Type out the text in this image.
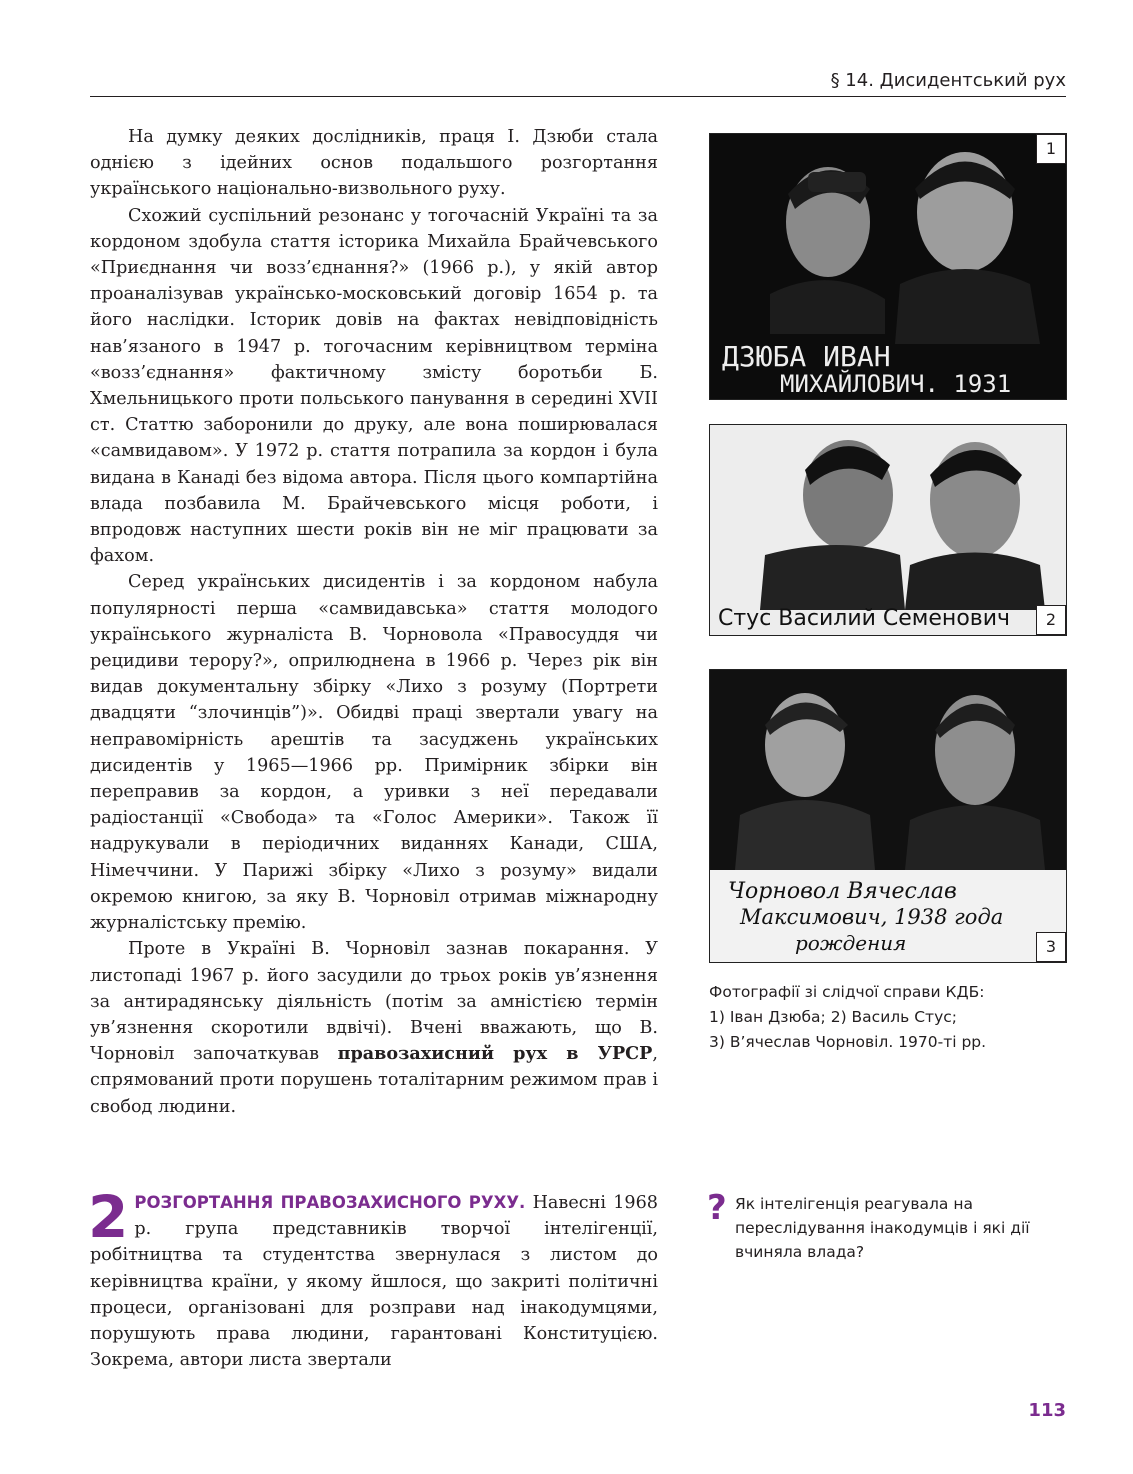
§ 14. Дисидентський рух

На думку деяких дослідників, праця І. Дзюби стала однією з ідейних основ подальшого розгортання українського національно-визвольного руху.

Схожий суспільний резонанс у тогочасній Україні та за кордоном здобула стаття історика Михайла Брайчевського «Приєднання чи возз’єднання?» (1966 р.), у якій автор проаналізував українсько-московський договір 1654 р. та його наслідки. Історик довів на фактах невідповідність нав’язаного в 1947 р. тогочасним керівництвом терміна «возз’єднання» фактичному змісту боротьби Б. Хмельницького проти польського панування в середині XVII ст. Статтю заборонили до друку, але вона поширювалася «самвидавом». У 1972 р. стаття потрапила за кордон і була видана в Канаді без відома автора. Після цього компартійна влада позбавила М. Брайчевського місця роботи, і впродовж наступних шести років він не міг працювати за фахом.

Серед українських дисидентів і за кордоном набула популярності перша «самвидавська» стаття молодого українського журналіста В. Чорновола «Правосуддя чи рецидиви терору?», оприлюднена в 1966 р. Через рік він видав документальну збірку «Лихо з розуму (Портрети двадцяти “злочинців”)». Обидві праці звертали увагу на неправомірність арештів та засуджень українських дисидентів у 1965—1966 рр. Примірник збірки він переправив за кордон, а уривки з неї передавали радіостанції «Свобода» та «Голос Америки». Також її надрукували в періодичних виданнях Канади, США, Німеччини. У Парижі збірку «Лихо з розуму» видали окремою книгою, за яку В. Чорновіл отримав міжнародну журналістську премію.

Проте в Україні В. Чорновіл зазнав покарання. У листопаді 1967 р. його засудили до трьох років ув’язнення за антирадянську діяльність (потім за амністією термін ув’язнення скоротили вдвічі). Вчені вважають, що В. Чорновіл започаткував правозахисний рух в УРСР, спрямований проти порушень тоталітарним режимом прав і свобод людини.

2 РОЗГОРТАННЯ ПРАВОЗАХИСНОГО РУХУ. Навесні 1968 р. група представників творчої інтелігенції, робітництва та студентства звернулася з листом до керівництва країни, у якому йшлося, що закриті політичні процеси, організовані для розправи над інакодумцями, порушують права людини, гарантовані Конституцією. Зокрема, автори листа звертали

ДЗЮБА ИВАН
МИХАЙЛОВИЧ. 1931
1
Стус Василий Семенович	2
Чорновол Вячеслав
Максимович, 1938 года
рождения	3
Фотографії зі слідчої справи КДБ:
1) Іван Дзюба; 2) Василь Стус;
3) В’ячеслав Чорновіл. 1970-ті рр.
? Як інтелігенція реагувала на переслідування інакодумців і які дії вчиняла влада?
113
